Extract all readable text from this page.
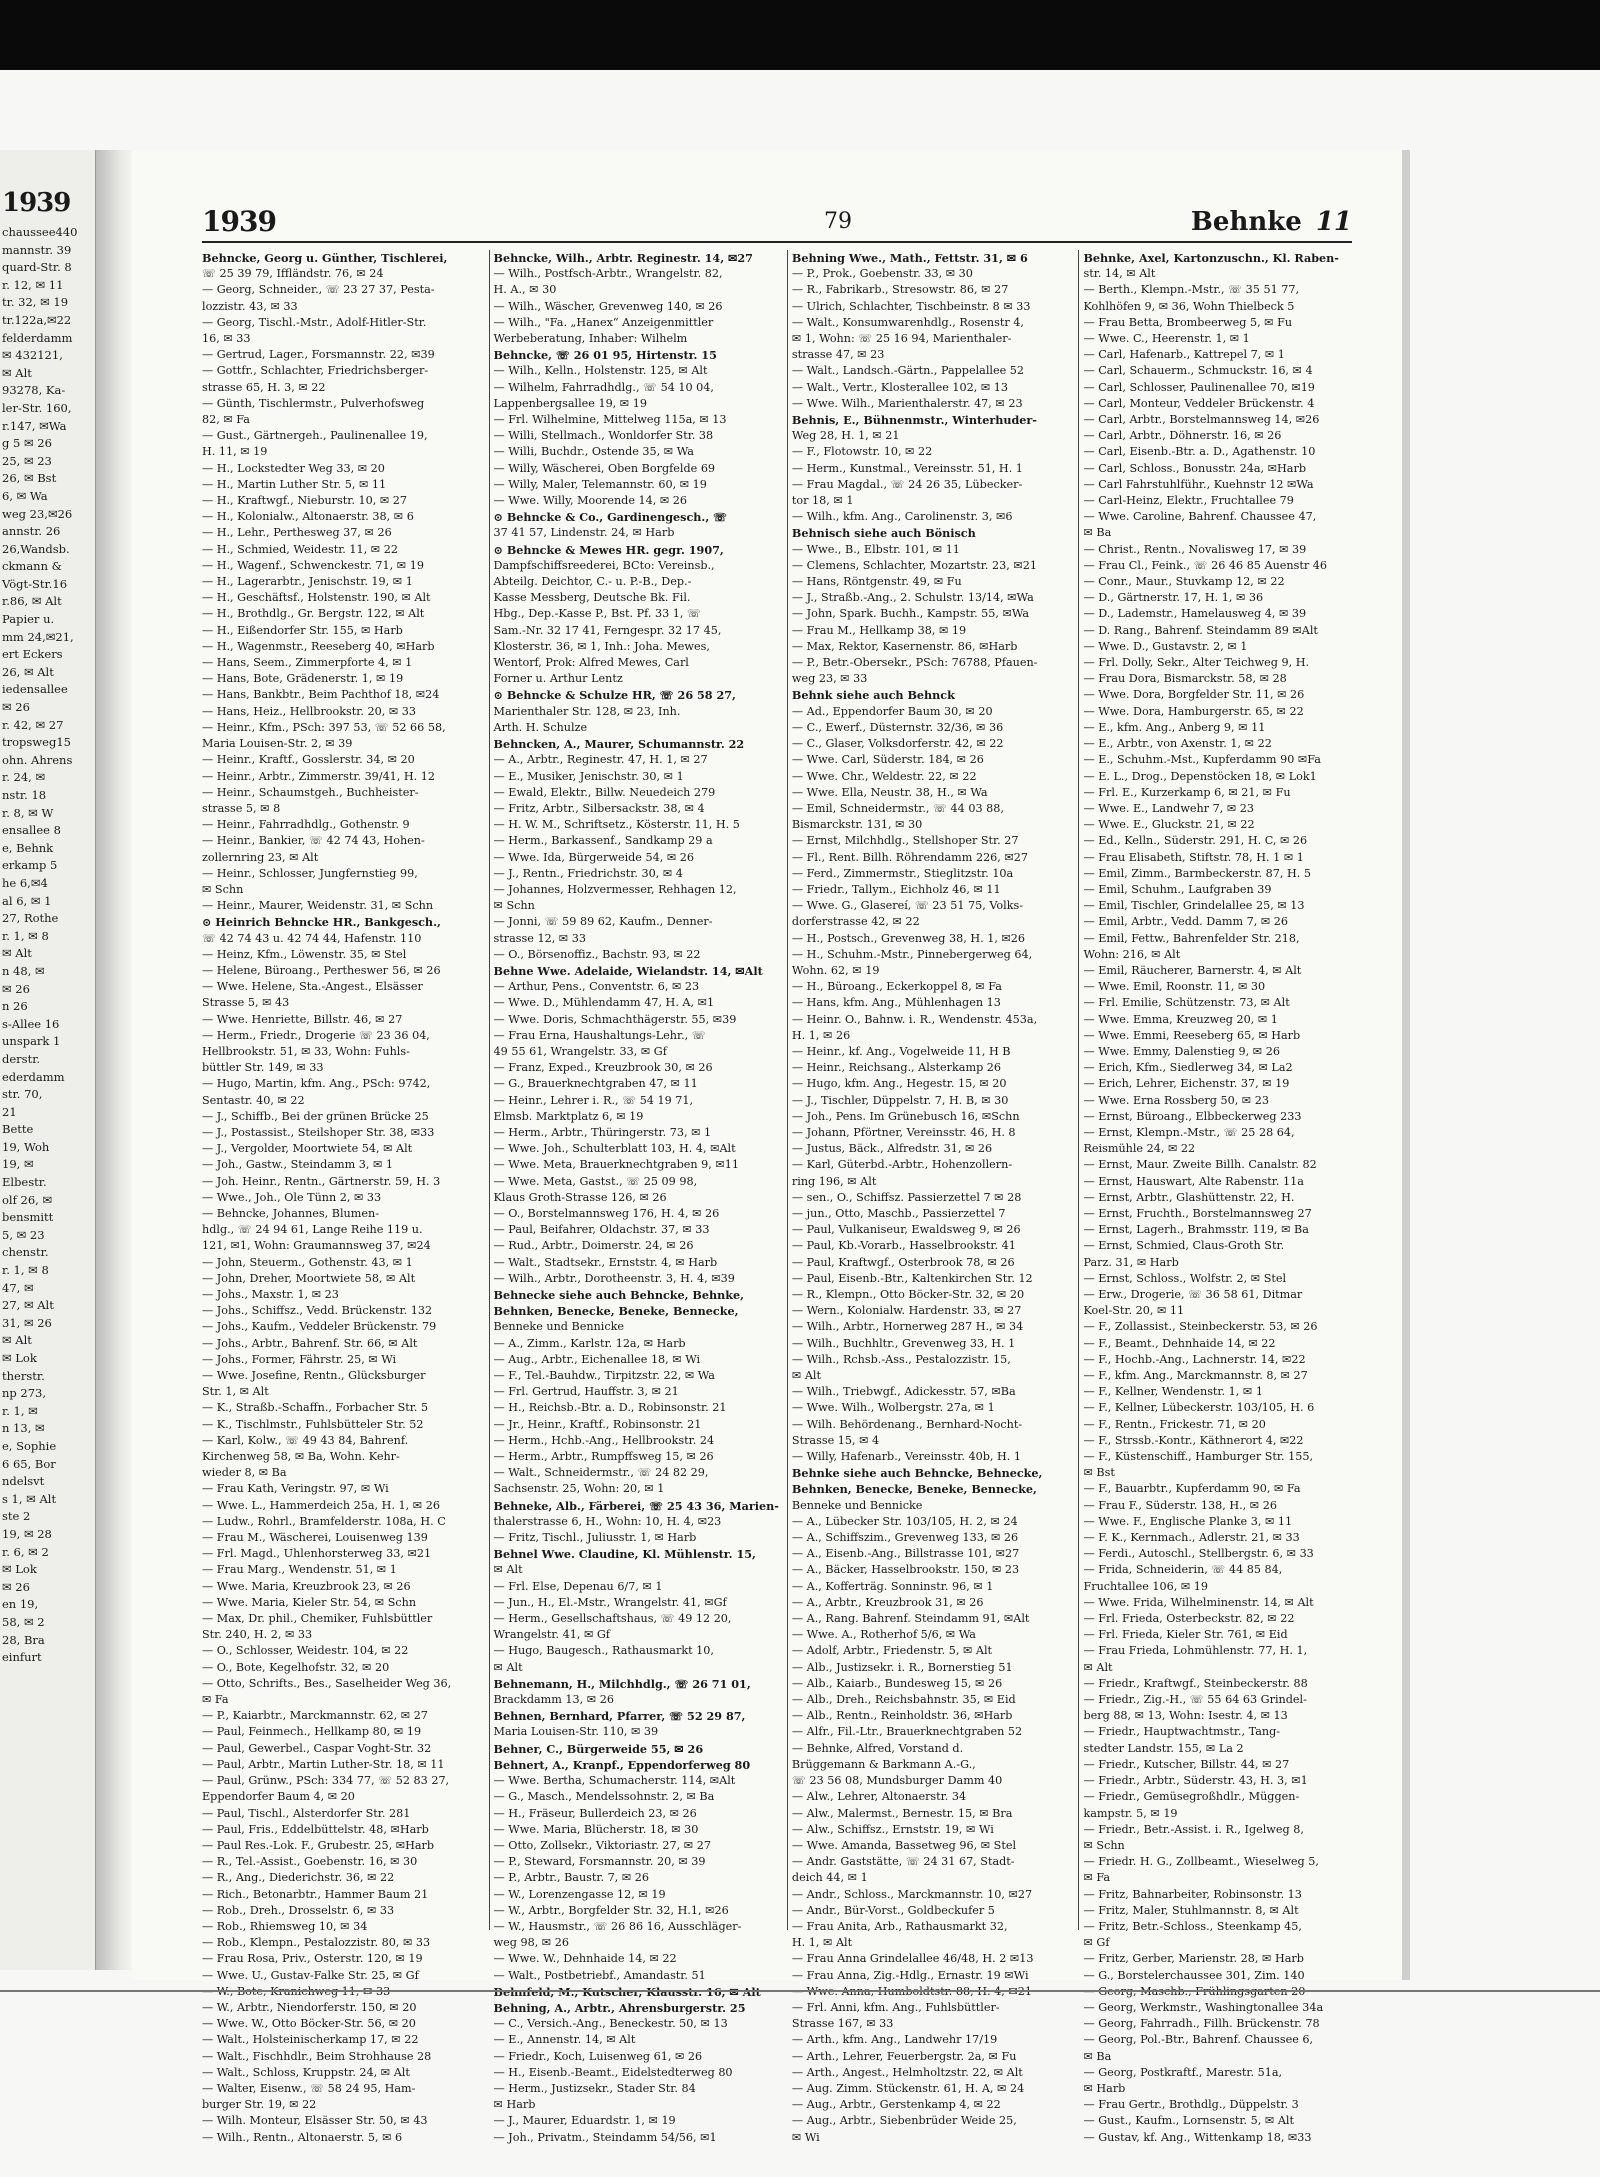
1939
chaussee440
mannstr. 39
quard-Str. 8
r. 12, ✉ 11
tr. 32, ✉ 19
tr.122a,✉22
felderdamm
✉ 432121,
✉ Alt
93278, Ka-
ler-Str. 160,
r.147, ✉Wa
g 5 ✉ 26
25, ✉ 23
26, ✉ Bst
6, ✉ Wa
weg 23,✉26
annstr. 26
26,Wandsb.
ckmann &
Vögt-Str.16
r.86, ✉ Alt
Papier u.
mm 24,✉21,
ert Eckers
26, ✉ Alt
iedensallee
✉ 26
r. 42, ✉ 27
tropsweg15
ohn. Ahrens
r. 24, ✉
nstr. 18
r. 8, ✉ W
ensallee 8
e, Behnk
erkamp 5
he 6,✉4
al 6, ✉ 1
27, Rothe
r. 1, ✉ 8
✉ Alt
n 48, ✉
✉ 26
n 26
s-Allee 16
unspark 1
derstr.
ederdamm
str. 70,
21
Bette
19, Woh
19, ✉
Elbestr.
olf 26, ✉
bensmitt
5, ✉ 23
chenstr.
r. 1, ✉ 8
47, ✉
27, ✉ Alt
31, ✉ 26
✉ Alt
✉ Lok
therstr.
np 273,
r. 1, ✉
n 13, ✉
e, Sophie
6 65, Bor
ndelsvt
s 1, ✉ Alt
ste 2
19, ✉ 28
r. 6, ✉ 2
✉ Lok
✉ 26
en 19,
58, ✉ 2
28, Bra
einfurt
1939	79	Behnke 11
Behncke, Georg u. Günther, Tischlerei,
☏ 25 39 79, Iffländstr. 76, ✉ 24
— Georg, Schneider., ☏ 23 27 37, Pesta-
lozzistr. 43, ✉ 33
— Georg, Tischl.-Mstr., Adolf-Hitler-Str.
16, ✉ 33
— Gertrud, Lager., Forsmannstr. 22, ✉39
— Gottfr., Schlachter, Friedrichsberger-
strasse 65, H. 3, ✉ 22
— Günth, Tischlermstr., Pulverhofsweg
82, ✉ Fa
— Gust., Gärtnergeh., Paulinenallee 19,
H. 11, ✉ 19
— H., Lockstedter Weg 33, ✉ 20
— H., Martin Luther Str. 5, ✉ 11
— H., Kraftwgf., Nieburstr. 10, ✉ 27
— H., Kolonialw., Altonaerstr. 38, ✉ 6
— H., Lehr., Perthesweg 37, ✉ 26
— H., Schmied, Weidestr. 11, ✉ 22
— H., Wagenf., Schwenckestr. 71, ✉ 19
— H., Lagerarbtr., Jenischstr. 19, ✉ 1
— H., Geschäftsf., Holstenstr. 190, ✉ Alt
— H., Brothdlg., Gr. Bergstr. 122, ✉ Alt
— H., Eißendorfer Str. 155, ✉ Harb
— H., Wagenmstr., Reeseberg 40, ✉Harb
— Hans, Seem., Zimmerpforte 4, ✉ 1
— Hans, Bote, Grädenerstr. 1, ✉ 19
— Hans, Bankbtr., Beim Pachthof 18, ✉24
— Hans, Heiz., Hellbrookstr. 20, ✉ 33
— Heinr., Kfm., PSch: 397 53, ☏ 52 66 58,
Maria Louisen-Str. 2, ✉ 39
— Heinr., Kraftf., Gosslerstr. 34, ✉ 20
— Heinr., Arbtr., Zimmerstr. 39/41, H. 12
— Heinr., Schaumstgeh., Buchheister-
strasse 5, ✉ 8
— Heinr., Fahrradhdlg., Gothenstr. 9
— Heinr., Bankier, ☏ 42 74 43, Hohen-
zollernring 23, ✉ Alt
— Heinr., Schlosser, Jungfernstieg 99,
✉ Schn
— Heinr., Maurer, Weidenstr. 31, ✉ Schn
⊙ Heinrich Behncke HR., Bankgesch.,
☏ 42 74 43 u. 42 74 44, Hafenstr. 110
— Heinz, Kfm., Löwenstr. 35, ✉ Stel
— Helene, Büroang., Pertheswег 56, ✉ 26
— Wwe. Helene, Sta.-Angest., Elsässer
Strasse 5, ✉ 43
— Wwe. Henriette, Billstr. 46, ✉ 27
— Herm., Friedr., Drogerie ☏ 23 36 04,
Hellbrookstr. 51, ✉ 33, Wohn: Fuhls-
büttler Str. 149, ✉ 33
— Hugo, Martin, kfm. Ang., PSch: 9742,
Sentastr. 40, ✉ 22
— J., Schiffb., Bei der grünen Brücke 25
— J., Postassist., Steilshoper Str. 38, ✉33
— J., Vergolder, Moortwiete 54, ✉ Alt
— Joh., Gastw., Steindamm 3, ✉ 1
— Joh. Heinr., Rentn., Gärtnerstr. 59, H. 3
— Wwe., Joh., Ole Tünn 2, ✉ 33
— Behncke, Johannes, Blumen-
hdlg., ☏ 24 94 61, Lange Reihe 119 u.
121, ✉1, Wohn: Graumannsweg 37, ✉24
— John, Steuerm., Gothenstr. 43, ✉ 1
— John, Dreher, Moortwiete 58, ✉ Alt
— Johs., Maxstr. 1, ✉ 23
— Johs., Schiffsz., Vedd. Brückenstr. 132
— Johs., Kaufm., Veddeler Brückenstr. 79
— Johs., Arbtr., Bahrenf. Str. 66, ✉ Alt
— Johs., Former, Fährstr. 25, ✉ Wi
— Wwe. Josefine, Rentn., Glücksburger
Str. 1, ✉ Alt
— K., Straßb.-Schaffn., Forbacher Str. 5
— K., Tischlmstr., Fuhlsbütteler Str. 52
— Karl, Kolw., ☏ 49 43 84, Bahrenf.
Kirchenweg 58, ✉ Ba, Wohn. Kehr-
wieder 8, ✉ Ba
— Frau Kath, Veringstr. 97, ✉ Wi
— Wwe. L., Hammerdeich 25a, H. 1, ✉ 26
— Ludw., Rohrl., Bramfelderstr. 108a, H. C
— Frau M., Wäscherei, Louisenweg 139
— Frl. Magd., Uhlenhorsterweg 33, ✉21
— Frau Marg., Wendenstr. 51, ✉ 1
— Wwe. Maria, Kreuzbrook 23, ✉ 26
— Wwe. Maria, Kieler Str. 54, ✉ Schn
— Max, Dr. phil., Chemiker, Fuhlsbüttler
Str. 240, H. 2, ✉ 33
— O., Schlosser, Weidestr. 104, ✉ 22
— O., Bote, Kegelhofstr. 32, ✉ 20
— Otto, Schrifts., Bes., Saselheider Weg 36,
✉ Fa
— P., Kaiarbtr., Marckmannstr. 62, ✉ 27
— Paul, Feinmech., Hellkamp 80, ✉ 19
— Paul, Gewerbel., Caspar Voght-Str. 32
— Paul, Arbtr., Martin Luther-Str. 18, ✉ 11
— Paul, Grünw., PSch: 334 77, ☏ 52 83 27,
Eppendorfer Baum 4, ✉ 20
— Paul, Tischl., Alsterdorfer Str. 281
— Paul, Fris., Eddelbüttelstr. 48, ✉Harb
— Paul Res.-Lok. F., Grubestr. 25, ✉Harb
— R., Tel.-Assist., Goebenstr. 16, ✉ 30
— R., Ang., Diederichstr. 36, ✉ 22
— Rich., Betonarbtr., Hammer Baum 21
— Rob., Dreh., Drosselstr. 6, ✉ 33
— Rob., Rhiemsweg 10, ✉ 34
— Rob., Klempn., Pestalozzistr. 80, ✉ 33
— Frau Rosa, Priv., Osterstr. 120, ✉ 19
— Wwe. U., Gustav-Falke Str. 25, ✉ Gf
— W., Arbtr., Niendorferstr. 150, ✉ 20
— Wwe. W., Otto Böcker-Str. 56, ✉ 20
— Walt., Holsteinischerkamp 17, ✉ 22
— Walt., Fischhdlr., Beim Strohhause 28
— Walt., Schloss, Kruppstr. 24, ✉ Alt
— Walter, Eisenw., ☏ 58 24 95, Ham-
burger Str. 19, ✉ 22
— Wilh. Monteur, Elsässer Str. 50, ✉ 43
— Wilh., Rentn., Altonaerstr. 5, ✉ 6
Behncke, Wilh., Arbtr. Reginestr. 14, ✉27
— Wilh., Postfsch-Arbtr., Wrangelstr. 82,
H. A., ✉ 30
— Wilh., Wäscher, Grevenweg 140, ✉ 26
— Wilh., "Fa. „Hanex“ Anzeigenmittler
Werbeberatung, Inhaber: Wilhelm
Behncke, ☏ 26 01 95, Hirtenstr. 15
— Wilh., Kelln., Holstenstr. 125, ✉ Alt
— Wilhelm, Fahrradhdlg., ☏ 54 10 04,
Lappenbergsallee 19, ✉ 19
— Frl. Wilhelmine, Mittelweg 115a, ✉ 13
— Willi, Stellmach., Wonldorfer Str. 38
— Willi, Buchdr., Ostende 35, ✉ Wa
— Willy, Wäscherei, Oben Borgfelde 69
— Willy, Maler, Telemannstr. 60, ✉ 19
— Wwe. Willy, Moorende 14, ✉ 26
⊙ Behncke & Co., Gardinengesch., ☏
37 41 57, Lindenstr. 24, ✉ Harb
⊙ Behncke & Mewes HR. gegr. 1907,
Dampfschiffsreederei, BCto: Vereinsb.,
Abteilg. Deichtor, C.- u. P.-B., Dep.-
Kasse Messberg, Deutsche Bk. Fil.
Hbg., Dep.-Kasse P., Bst. Pf. 33 1, ☏
Sam.-Nr. 32 17 41, Ferngespr. 32 17 45,
Klosterstr. 36, ✉ 1, Inh.: Joha. Mewes,
Wentorf, Prok: Alfred Mewes, Carl
Forner u. Arthur Lentz
⊙ Behncke & Schulze HR, ☏ 26 58 27,
Marienthaler Str. 128, ✉ 23, Inh.
Arth. H. Schulze
Behncken, A., Maurer, Schumannstr. 22
— A., Arbtr., Reginestr. 47, H. 1, ✉ 27
— E., Musiker, Jenischstr. 30, ✉ 1
— Ewald, Elektr., Billw. Neuedeich 279
— Fritz, Arbtr., Silbersackstr. 38, ✉ 4
— H. W. M., Schriftsetz., Kösterstr. 11, H. 5
— Herm., Barkassenf., Sandkamp 29 a
— Wwe. Ida, Bürgerweide 54, ✉ 26
— J., Rentn., Friedrichstr. 30, ✉ 4
— Johannes, Holzvermesser, Rehhagen 12,
✉ Schn
— Jonni, ☏ 59 89 62, Kaufm., Denner-
strasse 12, ✉ 33
— O., Börsenoffiz., Bachstr. 93, ✉ 22
Behne Wwe. Adelaide, Wielandstr. 14, ✉Alt
— Arthur, Pens., Conventstr. 6, ✉ 23
— Wwe. D., Mühlendamm 47, H. A, ✉1
— Wwe. Doris, Schmachthägerstr. 55, ✉39
— Frau Erna, Haushaltungs-Lehr., ☏
49 55 61, Wrangelstr. 33, ✉ Gf
— Franz, Exped., Kreuzbrook 30, ✉ 26
— G., Brauerknechtgraben 47, ✉ 11
— Heinr., Lehrer i. R., ☏ 54 19 71,
Elmsb. Marktplatz 6, ✉ 19
— Herm., Arbtr., Thüringerstr. 73, ✉ 1
— Wwe. Joh., Schulterblatt 103, H. 4, ✉Alt
— Wwe. Meta, Brauerknechtgraben 9, ✉11
— Wwe. Meta, Gastst., ☏ 25 09 98,
Klaus Groth-Strasse 126, ✉ 26
— O., Borstelmannsweg 176, H. 4, ✉ 26
— Paul, Beifahrer, Oldachstr. 37, ✉ 33
— Rud., Arbtr., Doimerstr. 24, ✉ 26
— Walt., Stadtsekr., Ernststr. 4, ✉ Harb
— Wilh., Arbtr., Dorotheenstr. 3, H. 4, ✉39
Behnecke siehe auch Behncke, Behnke,
Behnken, Benecke, Beneke, Bennecke,
Benneke und Bennicke
— A., Zimm., Karlstr. 12a, ✉ Harb
— Aug., Arbtr., Eichenallee 18, ✉ Wi
— F., Tel.-Bauhdw., Tirpitzstr. 22, ✉ Wa
— Frl. Gertrud, Hauffstr. 3, ✉ 21
— H., Reichsb.-Btr. a. D., Robinsonstr. 21
— Jr., Heinr., Kraftf., Robinsonstr. 21
— Herm., Hchb.-Ang., Hellbrookstr. 24
— Herm., Arbtr., Rumpffsweg 15, ✉ 26
— Walt., Schneidermstr., ☏ 24 82 29,
Sachsenstr. 25, Wohn: 20, ✉ 1
Behneke, Alb., Färberei, ☏ 25 43 36, Marien-
thalerstrasse 6, H., Wohn: 10, H. 4, ✉23
— Fritz, Tischl., Juliusstr. 1, ✉ Harb
Behnel Wwe. Claudine, Kl. Mühlenstr. 15,
✉ Alt
— Frl. Else, Depenau 6/7, ✉ 1
— Jun., H., El.-Mstr., Wrangelstr. 41, ✉Gf
— Herm., Gesellschaftshaus, ☏ 49 12 20,
Wrangelstr. 41, ✉ Gf
— Hugo, Baugesch., Rathausmarkt 10,
✉ Alt
Behnemann, H., Milchhdlg., ☏ 26 71 01,
Brackdamm 13, ✉ 26
Behnen, Bernhard, Pfarrer, ☏ 52 29 87,
Maria Louisen-Str. 110, ✉ 39
Behner, C., Bürgerweide 55, ✉ 26
Behnert, A., Kranpf., Eppendorferweg 80
— Wwe. Bertha, Schumacherstr. 114, ✉Alt
— G., Masch., Mendelssohnstr. 2, ✉ Ba
— H., Fräseur, Bullerdeich 23, ✉ 26
— Wwe. Maria, Blücherstr. 18, ✉ 30
— Otto, Zollsekr., Viktoriastr. 27, ✉ 27
— P., Steward, Forsmannstr. 20, ✉ 39
— P., Arbtr., Baustr. 7, ✉ 26
— W., Lorenzengasse 12, ✉ 19
— W., Arbtr., Borgfelder Str. 32, H.1, ✉26
— W., Hausmstr., ☏ 26 86 16, Ausschläger-
weg 98, ✉ 26
— Wwe. W., Dehnhaide 14, ✉ 22
— Walt., Postbetriebf., Amandastr. 51
Behning, A., Arbtr., Ahrensburgerstr. 25
— C., Versich.-Ang., Beneckestr. 50, ✉ 13
— E., Annenstr. 14, ✉ Alt
— Friedr., Koch, Luisenweg 61, ✉ 26
— H., Eisenb.-Beamt., Eidelstedterweg 80
— Herm., Justizsekr., Stader Str. 84
✉ Harb
— J., Maurer, Eduardstr. 1, ✉ 19
— Joh., Privatm., Steindamm 54/56, ✉1
Behning Wwe., Math., Fettstr. 31, ✉ 6
— P., Prok., Goebenstr. 33, ✉ 30
— R., Fabrikarb., Stresowstr. 86, ✉ 27
— Ulrich, Schlachter, Tischbeinstr. 8 ✉ 33
— Walt., Konsumwarenhdlg., Rosenstr 4,
✉ 1, Wohn: ☏ 25 16 94, Marienthaler-
strasse 47, ✉ 23
— Walt., Landsch.-Gärtn., Pappelallee 52
— Walt., Vertr., Klosterallee 102, ✉ 13
— Wwe. Wilh., Marienthalerstr. 47, ✉ 23
Behnis, E., Bühnenmstr., Winterhuder-
Weg 28, H. 1, ✉ 21
— F., Flotowstr. 10, ✉ 22
— Herm., Kunstmal., Vereinsstr. 51, H. 1
— Frau Magdal., ☏ 24 26 35, Lübecker-
tor 18, ✉ 1
— Wilh., kfm. Ang., Carolinenstr. 3, ✉6
Behnisch siehe auch Bönisch
— Wwe., B., Elbstr. 101, ✉ 11
— Clemens, Schlachter, Mozartstr. 23, ✉21
— Hans, Röntgenstr. 49, ✉ Fu
— J., Straßb.-Ang., 2. Schulstr. 13/14, ✉Wa
— John, Spark. Buchh., Kampstr. 55, ✉Wa
— Frau M., Hellkamp 38, ✉ 19
— Max, Rektor, Kasernenstr. 86, ✉Harb
— P., Betr.-Obersekr., PSch: 76788, Pfauen-
weg 23, ✉ 33
Behnk siehe auch Behnck
— Ad., Eppendorfer Baum 30, ✉ 20
— C., Ewerf., Düsternstr. 32/36, ✉ 36
— C., Glaser, Volksdorferstr. 42, ✉ 22
— Wwe. Carl, Süderstr. 184, ✉ 26
— Wwe. Chr., Weldestr. 22, ✉ 22
— Wwe. Ella, Neustr. 38, H., ✉ Wa
— Emil, Schneidermstr., ☏ 44 03 88,
Bismarckstr. 131, ✉ 30
— Ernst, Milchhdlg., Stellshoper Str. 27
— Fl., Rent. Billh. Röhrendamm 226, ✉27
— Ferd., Zimmermstr., Stieglitzstr. 10a
— Friedr., Tallym., Eichholz 46, ✉ 11
— Wwe. G., Glasereí, ☏ 23 51 75, Volks-
dorferstrasse 42, ✉ 22
— H., Postsch., Grevenweg 38, H. 1, ✉26
— H., Schuhm.-Mstr., Pinnebergerweg 64,
Wohn. 62, ✉ 19
— H., Büroang., Eckerkoppel 8, ✉ Fa
— Hans, kfm. Ang., Mühlenhagen 13
— Heinr. O., Bahnw. i. R., Wendenstr. 453a,
H. 1, ✉ 26
— Heinr., kf. Ang., Vogelweide 11, H B
— Heinr., Reichsang., Alsterkamp 26
— Hugo, kfm. Ang., Hegestr. 15, ✉ 20
— J., Tischler, Düppelstr. 7, H. B, ✉ 30
— Joh., Pens. Im Grünebusch 16, ✉Schn
— Johann, Pförtner, Vereinsstr. 46, H. 8
— Justus, Bäck., Alfredstr. 31, ✉ 26
— Karl, Güterbd.-Arbtr., Hohenzollern-
ring 196, ✉ Alt
— sen., O., Schiffsz. Passierzettel 7 ✉ 28
— jun., Otto, Maschb., Passierzettel 7
— Paul, Vulkaniseur, Ewaldsweg 9, ✉ 26
— Paul, Kb.-Vorarb., Hasselbrookstr. 41
— Paul, Kraftwgf., Osterbrook 78, ✉ 26
— Paul, Eisenb.-Btr., Kaltenkirchen Str. 12
— R., Klempn., Otto Böcker-Str. 32, ✉ 20
— Wern., Kolonialw. Hardenstr. 33, ✉ 27
— Wilh., Arbtr., Hornerweg 287 H., ✉ 34
— Wilh., Buchhltr., Grevenweg 33, H. 1
— Wilh., Rchsb.-Ass., Pestalozzistr. 15,
✉ Alt
— Wilh., Triebwgf., Adickesstr. 57, ✉Ba
— Wwe. Wilh., Wolbergstr. 27a, ✉ 1
— Wilh. Behördenang., Bernhard-Nocht-
Strasse 15, ✉ 4
— Willy, Hafenarb., Vereinsstr. 40b, H. 1
Behnke siehe auch Behncke, Behnecke,
Behnken, Benecke, Beneke, Bennecke,
Benneke und Bennicke
— A., Lübecker Str. 103/105, H. 2, ✉ 24
— A., Schiffszim., Grevenweg 133, ✉ 26
— A., Eisenb.-Ang., Billstrasse 101, ✉27
— A., Bäcker, Hasselbrookstr. 150, ✉ 23
— A., Kofferträg. Sonninstr. 96, ✉ 1
— A., Arbtr., Kreuzbrook 31, ✉ 26
— A., Rang. Bahrenf. Steindamm 91, ✉Alt
— Wwe. A., Rotherhof 5/6, ✉ Wa
— Adolf, Arbtr., Friedenstr. 5, ✉ Alt
— Alb., Justizsekr. i. R., Bornerstieg 51
— Alb., Kaiarb., Bundesweg 15, ✉ 26
— Alb., Dreh., Reichsbahnstr. 35, ✉ Eid
— Alb., Rentn., Reinholdstr. 36, ✉Harb
— Alfr., Fil.-Ltr., Brauerknechtgraben 52
— Behnke, Alfred, Vorstand d.
Brüggemann & Barkmann A.-G.,
☏ 23 56 08, Mundsburger Damm 40
— Alw., Lehrer, Altonaerstr. 34
— Alw., Malermst., Bernestr. 15, ✉ Bra
— Alw., Schiffsz., Ernststr. 19, ✉ Wi
— Wwe. Amanda, Bassetweg 96, ✉ Stel
— Andr. Gaststätte, ☏ 24 31 67, Stadt-
deich 44, ✉ 1
— Andr., Schloss., Marckmannstr. 10, ✉27
— Andr., Bür-Vorst., Goldbeckufer 5
— Frau Anita, Arb., Rathausmarkt 32,
H. 1, ✉ Alt
— Frau Anna Grindelallee 46/48, H. 2 ✉13
— Frau Anna, Zig.-Hdlg., Ernastr. 19 ✉Wi
— Frl. Anni, kfm. Ang., Fuhlsbüttler-
Strasse 167, ✉ 33
— Arth., kfm. Ang., Landwehr 17/19
— Arth., Lehrer, Feuerbergstr. 2a, ✉ Fu
— Arth., Angest., Helmholtzstr. 22, ✉ Alt
— Aug. Zimm. Stückenstr. 61, H. A, ✉ 24
— Aug., Arbtr., Gerstenkamp 4, ✉ 22
— Aug., Arbtr., Siebenbrüder Weide 25,
✉ Wi
Behnke, Axel, Kartonzuschn., Kl. Raben-
str. 14, ✉ Alt
— Berth., Klempn.-Mstr., ☏ 35 51 77,
Kohlhöfen 9, ✉ 36, Wohn Thielbeck 5
— Frau Betta, Brombeerweg 5, ✉ Fu
— Wwe. C., Heerenstr. 1, ✉ 1
— Carl, Hafenarb., Kattrepel 7, ✉ 1
— Carl, Schauerm., Schmuckstr. 16, ✉ 4
— Carl, Schlosser, Paulinenallee 70, ✉19
— Carl, Monteur, Veddeler Brückenstr. 4
— Carl, Arbtr., Borstelmannsweg 14, ✉26
— Carl, Arbtr., Döhnerstr. 16, ✉ 26
— Carl, Eisenb.-Btr. a. D., Agathenstr. 10
— Carl, Schloss., Bonusstr. 24a, ✉Harb
— Carl Fahrstuhlführ., Kuehnstr 12 ✉Wa
— Carl-Heinz, Elektr., Fruchtallee 79
— Wwe. Caroline, Bahrenf. Chaussee 47,
✉ Ba
— Christ., Rentn., Novalisweg 17, ✉ 39
— Frau Cl., Feink., ☏ 26 46 85 Auenstr 46
— Conr., Maur., Stuvkamp 12, ✉ 22
— D., Gärtnerstr. 17, H. 1, ✉ 36
— D., Lademstr., Hamelausweg 4, ✉ 39
— D. Rang., Bahrenf. Steindamm 89 ✉Alt
— Wwe. D., Gustavstr. 2, ✉ 1
— Frl. Dolly, Sekr., Alter Teichweg 9, H.
— Frau Dora, Bismarckstr. 58, ✉ 28
— Wwe. Dora, Borgfelder Str. 11, ✉ 26
— Wwe. Dora, Hamburgerstr. 65, ✉ 22
— E., kfm. Ang., Anberg 9, ✉ 11
— E., Arbtr., von Axenstr. 1, ✉ 22
— E., Schuhm.-Mst., Kupferdamm 90 ✉Fa
— E. L., Drog., Depenstöcken 18, ✉ Lok1
— Frl. E., Kurzerkamp 6, ✉ 21, ✉ Fu
— Wwe. E., Landwehr 7, ✉ 23
— Wwe. E., Gluckstr. 21, ✉ 22
— Ed., Kelln., Süderstr. 291, H. C, ✉ 26
— Frau Elisabeth, Stiftstr. 78, H. 1 ✉ 1
— Emil, Zimm., Barmbeckerstr. 87, H. 5
— Emil, Schuhm., Laufgraben 39
— Emil, Tischler, Grindelallee 25, ✉ 13
— Emil, Arbtr., Vedd. Damm 7, ✉ 26
— Emil, Fettw., Bahrenfelder Str. 218,
Wohn: 216, ✉ Alt
— Emil, Räucherer, Barnerstr. 4, ✉ Alt
— Wwe. Emil, Roonstr. 11, ✉ 30
— Frl. Emilie, Schützenstr. 73, ✉ Alt
— Wwe. Emma, Kreuzweg 20, ✉ 1
— Wwe. Emmi, Reeseberg 65, ✉ Harb
— Wwe. Emmy, Dalenstieg 9, ✉ 26
— Erich, Kfm., Siedlerweg 34, ✉ La2
— Erich, Lehrer, Eichenstr. 37, ✉ 19
— Wwe. Erna Rossberg 50, ✉ 23
— Ernst, Büroang., Elbbeckerweg 233
— Ernst, Klempn.-Mstr., ☏ 25 28 64,
Reismühle 24, ✉ 22
— Ernst, Maur. Zweite Billh. Canalstr. 82
— Ernst, Hauswart, Alte Rabenstr. 11a
— Ernst, Arbtr., Glashüttenstr. 22, H.
— Ernst, Fruchth., Borstelmannsweg 27
— Ernst, Lagerh., Brahmsstr. 119, ✉ Ba
— Ernst, Schmied, Claus-Groth Str.
Parz. 31, ✉ Harb
— Ernst, Schloss., Wolfstr. 2, ✉ Stel
— Erw., Drogerie, ☏ 36 58 61, Ditmar
Koel-Str. 20, ✉ 11
— F., Zollassist., Steinbeckerstr. 53, ✉ 26
— F., Beamt., Dehnhaide 14, ✉ 22
— F., Hochb.-Ang., Lachnerstr. 14, ✉22
— F., kfm. Ang., Marckmannstr. 8, ✉ 27
— F., Kellner, Wendenstr. 1, ✉ 1
— F., Kellner, Lübeckerstr. 103/105, H. 6
— F., Rentn., Frickestr. 71, ✉ 20
— F., Strssb.-Kontr., Käthnerort 4, ✉22
— F., Küstenschiff., Hamburger Str. 155,
✉ Bst
— F., Bauarbtr., Kupferdamm 90, ✉ Fa
— Frau F., Süderstr. 138, H., ✉ 26
— Wwe. F., Englische Planke 3, ✉ 11
— F. K., Kernmach., Adlerstr. 21, ✉ 33
— Ferdi., Autoschl., Stellbergstr. 6, ✉ 33
— Frida, Schneiderin, ☏ 44 85 84,
Fruchtallee 106, ✉ 19
— Wwe. Frida, Wilhelminenstr. 14, ✉ Alt
— Frl. Frieda, Osterbeckstr. 82, ✉ 22
— Frl. Frieda, Kieler Str. 761, ✉ Eid
— Frau Frieda, Lohmühlenstr. 77, H. 1,
✉ Alt
— Friedr., Kraftwgf., Steinbeckerstr. 88
— Friedr., Zig.-H., ☏ 55 64 63 Grindel-
berg 88, ✉ 13, Wohn: Isestr. 4, ✉ 13
— Friedr., Hauptwachtmstr., Tang-
stedter Landstr. 155, ✉ La 2
— Friedr., Kutscher, Billstr. 44, ✉ 27
— Friedr., Arbtr., Süderstr. 43, H. 3, ✉1
— Friedr., Gemüsegroßhdlr., Müggen-
kampstr. 5, ✉ 19
— Friedr., Betr.-Assist. i. R., Igelweg 8,
✉ Schn
— Friedr. H. G., Zollbeamt., Wieselweg 5,
✉ Fa
— Fritz, Bahnarbeiter, Robinsonstr. 13
— Fritz, Maler, Stuhlmannstr. 8, ✉ Alt
— Fritz, Betr.-Schloss., Steenkamp 45,
✉ Gf
— Fritz, Gerber, Marienstr. 28, ✉ Harb
— G., Borstelerchaussee 301, Zim. 140
— Georg, Werkmstr., Washingtonallee 34a
— Georg, Fahrradh., Fillh. Brückenstr. 78
— Georg, Pol.-Btr., Bahrenf. Chaussee 6,
✉ Ba
— Georg, Postkraftf., Marestr. 51a,
✉ Harb
— Frau Gertr., Brothdlg., Düppelstr. 3
— Gust., Kaufm., Lornsenstr. 5, ✉ Alt
— Gustav, kf. Ang., Wittenkamp 18, ✉33
